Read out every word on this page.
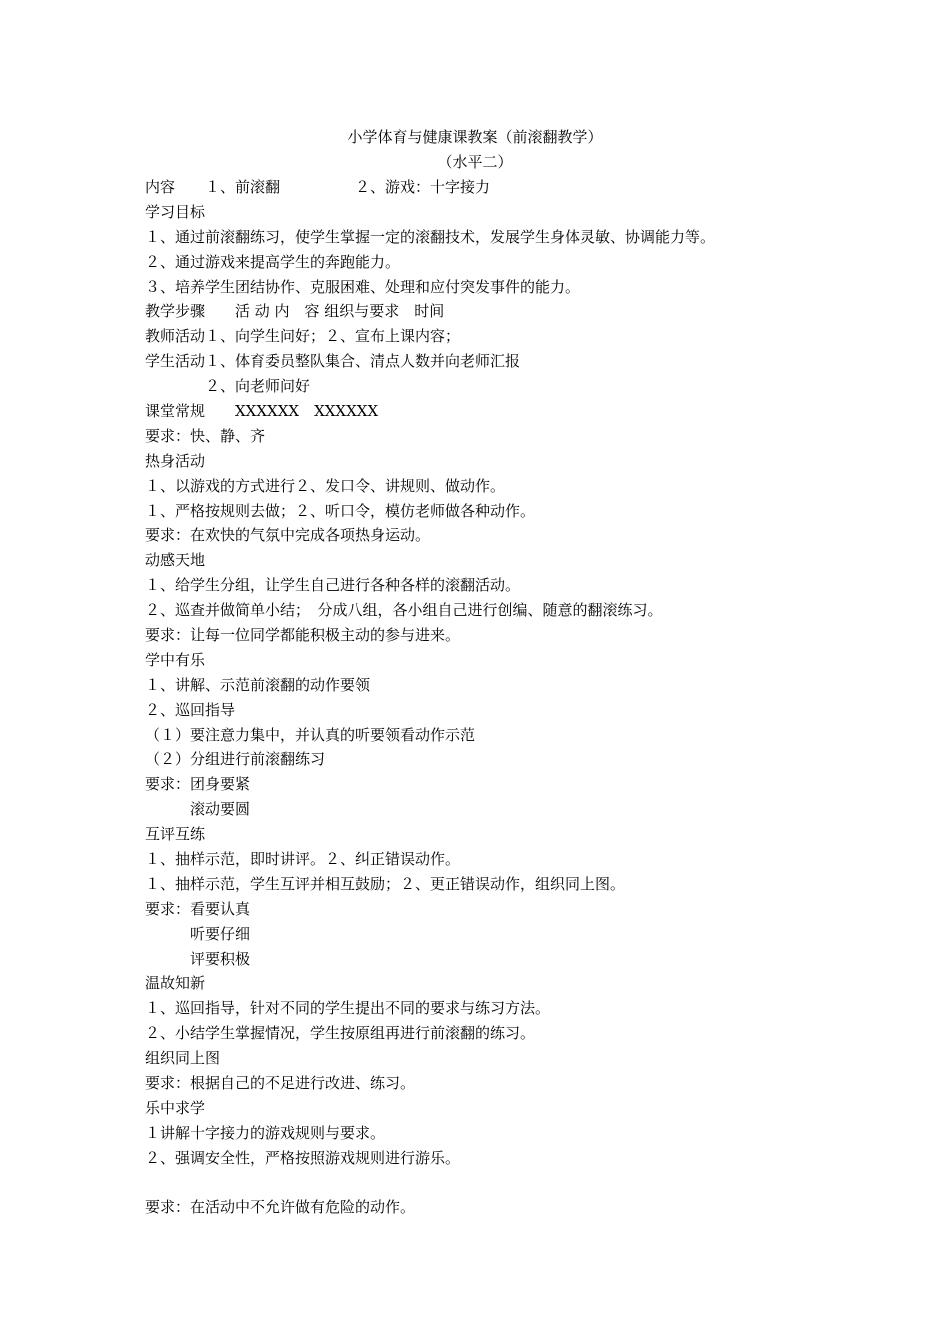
小学体育与健康课教案（前滚翻教学）
（水平二）
内容　　１、前滚翻　　　　　２、游戏：十字接力
学习目标
１、通过前滚翻练习，使学生掌握一定的滚翻技术，发展学生身体灵敏、协调能力等。
２、通过游戏来提高学生的奔跑能力。
３、培养学生团结协作、克服困难、处理和应付突发事件的能力。
教学步骤　　活 动 内　容 组织与要求　时间
教师活动１、向学生问好；２、宣布上课内容；
学生活动１、体育委员整队集合、清点人数并向老师汇报
　　　　２、向老师问好
课堂常规　　XXXXXX　XXXXXX
要求：快、静、齐
热身活动
１、以游戏的方式进行２、发口令、讲规则、做动作。
１、严格按规则去做；２、听口令，模仿老师做各种动作。
要求：在欢快的气氛中完成各项热身运动。
动感天地
１、给学生分组，让学生自己进行各种各样的滚翻活动。
２、巡查并做简单小结；　分成八组，各小组自己进行创编、随意的翻滚练习。
要求：让每一位同学都能积极主动的参与进来。
学中有乐
１、讲解、示范前滚翻的动作要领
２、巡回指导
（１）要注意力集中，并认真的听要领看动作示范
（２）分组进行前滚翻练习
要求：团身要紧
　　　滚动要圆
互评互练
１、抽样示范，即时讲评。２、纠正错误动作。
１、抽样示范，学生互评并相互鼓励；２、更正错误动作，组织同上图。
要求：看要认真
　　　听要仔细
　　　评要积极
温故知新
１、巡回指导，针对不同的学生提出不同的要求与练习方法。
２、小结学生掌握情况，学生按原组再进行前滚翻的练习。
组织同上图
要求：根据自己的不足进行改进、练习。
乐中求学
１讲解十字接力的游戏规则与要求。
２、强调安全性，严格按照游戏规则进行游乐。
要求：在活动中不允许做有危险的动作。
